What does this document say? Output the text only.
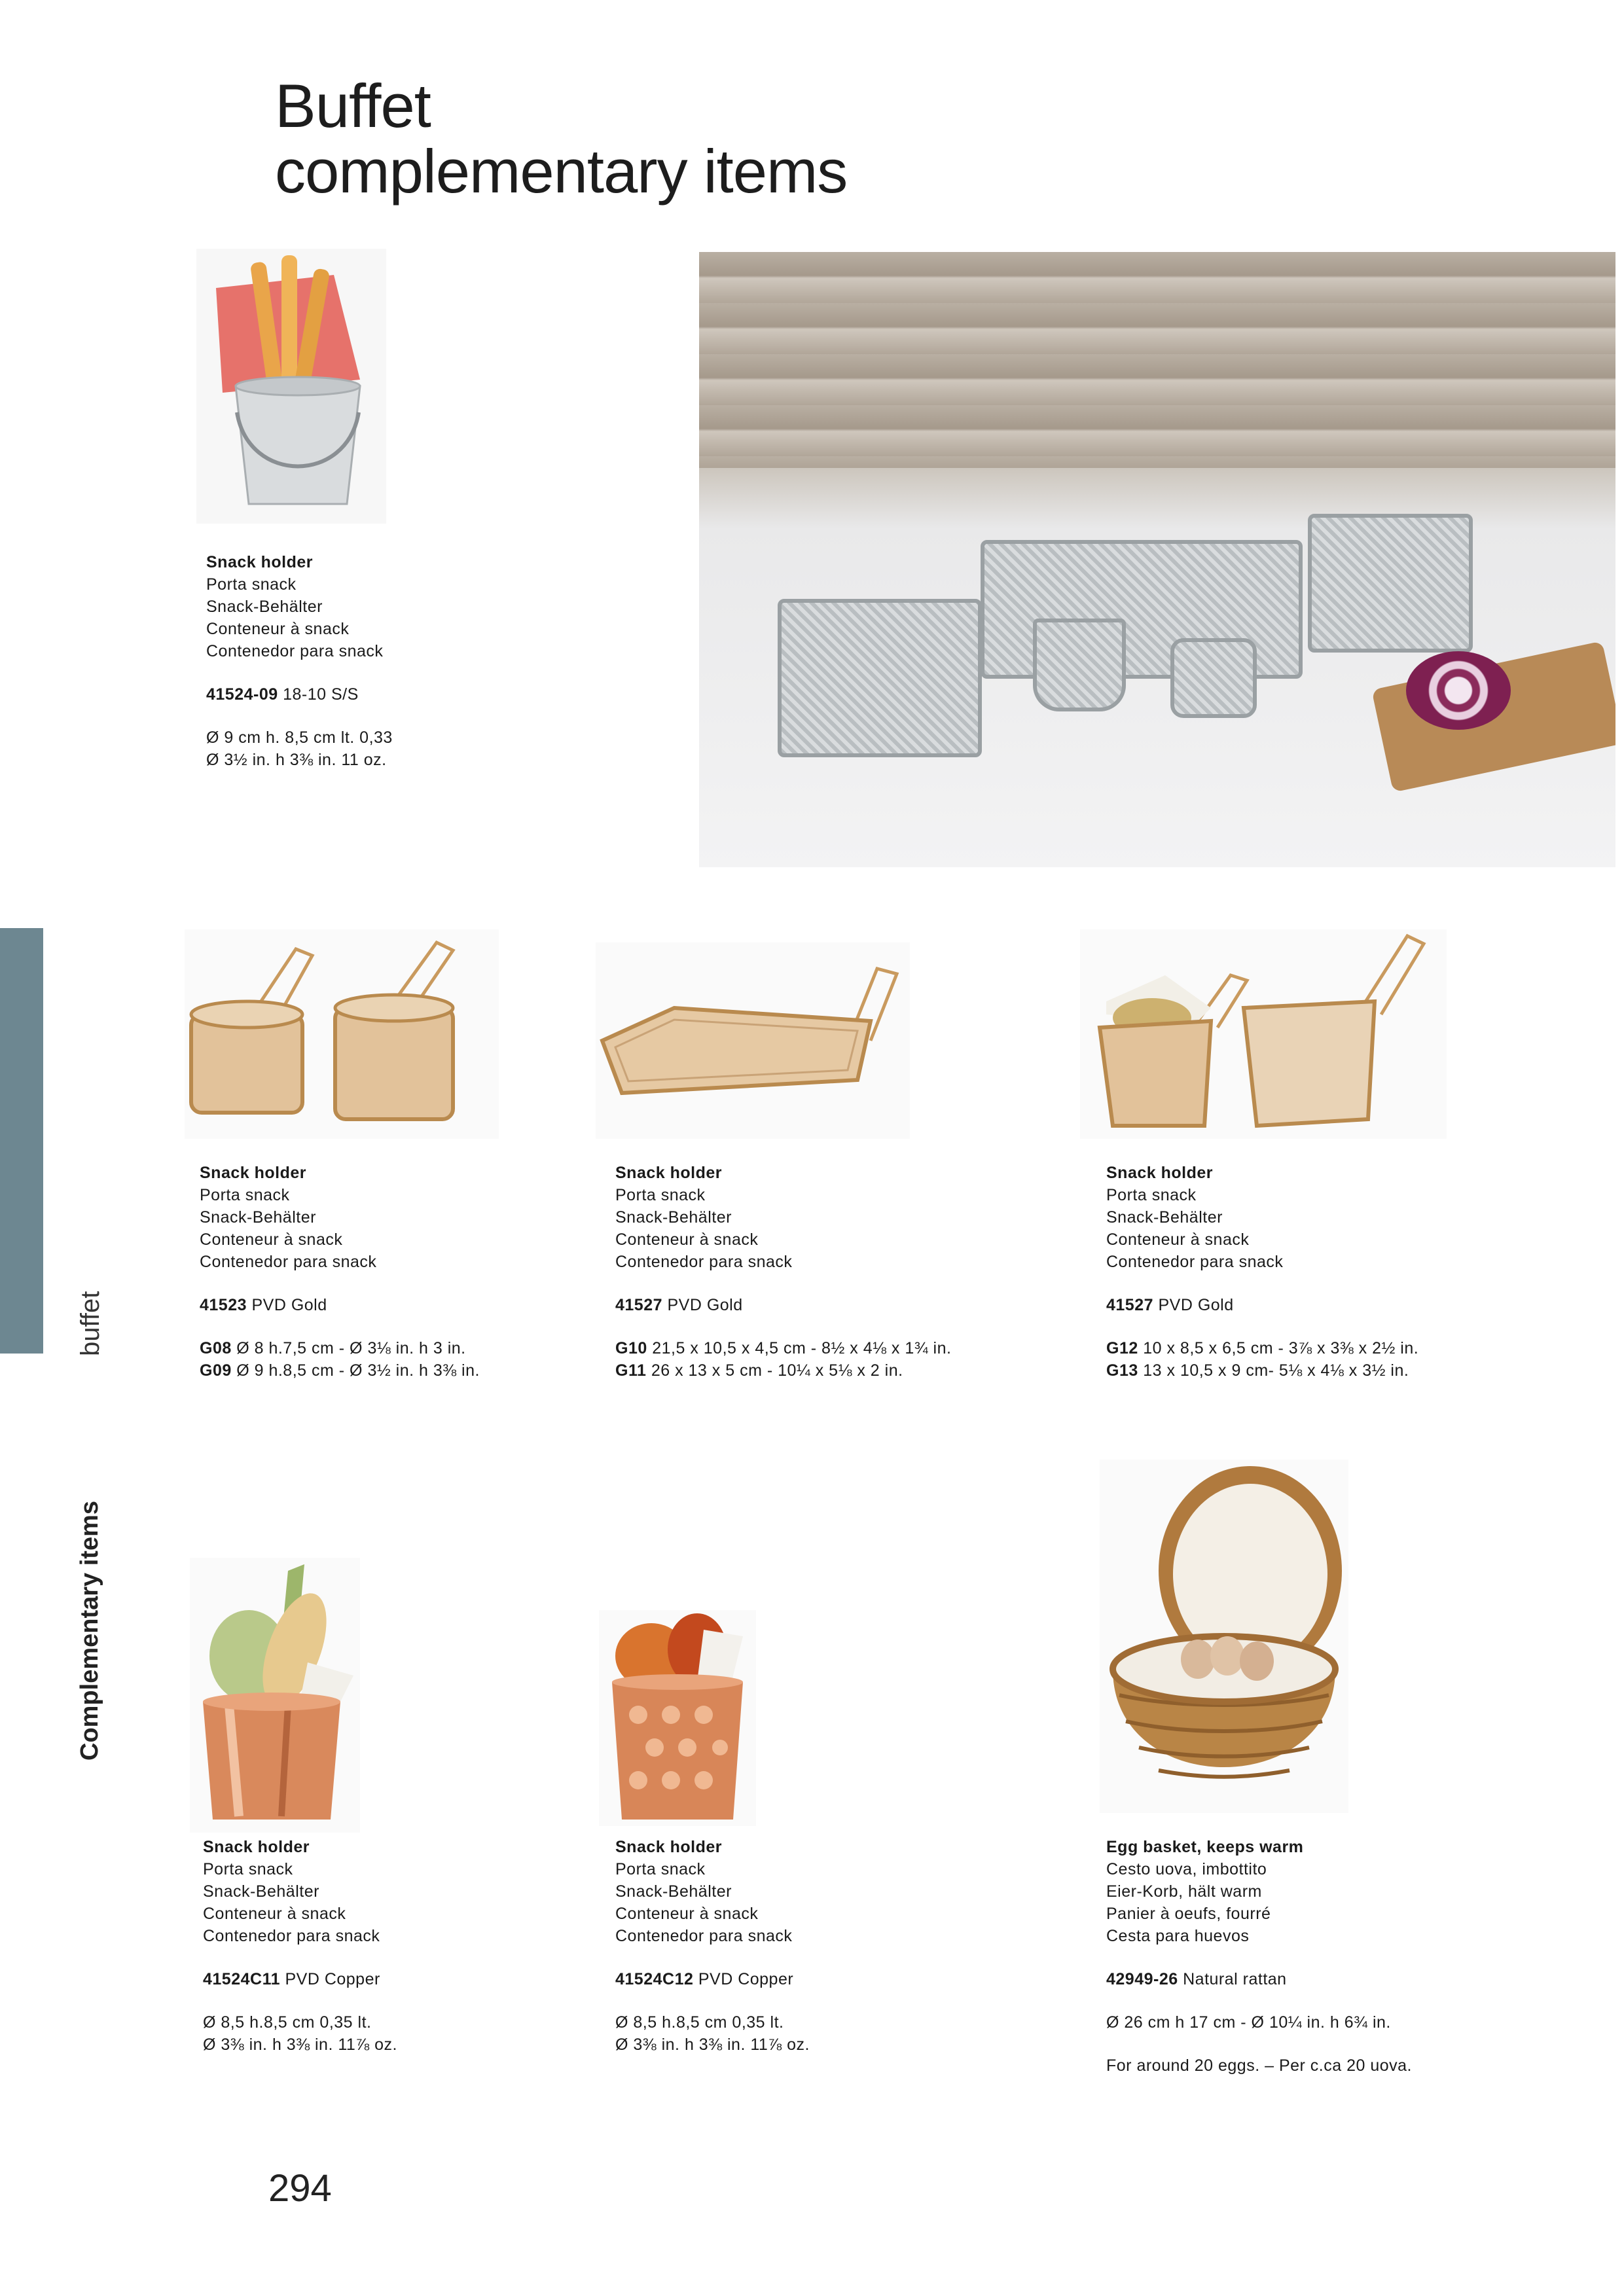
Buffet
complementary items
buffet
Complementary items
Snack holder
Porta snack
Snack-Behälter
Conteneur à snack
Contenedor para snack
41524-09 18-10 S/S
Ø 9 cm h. 8,5 cm lt. 0,33
Ø 3½ in. h 3⅜ in. 11 oz.
Snack holder
Porta snack
Snack-Behälter
Conteneur à snack
Contenedor para snack
41523 PVD Gold
G08 Ø 8 h.7,5 cm - Ø 3⅛ in. h 3 in.
G09 Ø 9 h.8,5 cm - Ø 3½ in. h 3⅜ in.
Snack holder
Porta snack
Snack-Behälter
Conteneur à snack
Contenedor para snack
41527 PVD Gold
G10 21,5 x 10,5 x 4,5 cm - 8½ x 4⅛ x 1¾ in.
G11 26 x 13 x 5 cm - 10¼ x 5⅛ x 2 in.
Snack holder
Porta snack
Snack-Behälter
Conteneur à snack
Contenedor para snack
41527 PVD Gold
G12 10 x 8,5 x 6,5 cm - 3⅞ x 3⅜ x 2½ in.
G13 13 x 10,5 x 9 cm- 5⅛ x 4⅛ x 3½ in.
Snack holder
Porta snack
Snack-Behälter
Conteneur à snack
Contenedor para snack
41524C11 PVD Copper
Ø 8,5 h.8,5 cm 0,35 lt.
Ø 3⅜ in. h 3⅜ in. 11⅞ oz.
Snack holder
Porta snack
Snack-Behälter
Conteneur à snack
Contenedor para snack
41524C12 PVD Copper
Ø 8,5 h.8,5 cm 0,35 lt.
Ø 3⅜ in. h 3⅜ in. 11⅞ oz.
Egg basket, keeps warm
Cesto uova, imbottito
Eier-Korb, hält warm
Panier à oeufs, fourré
Cesta para huevos
42949-26 Natural rattan
Ø 26 cm h 17 cm - Ø 10¼ in. h 6¾ in.
For around 20 eggs. – Per c.ca 20 uova.
294
